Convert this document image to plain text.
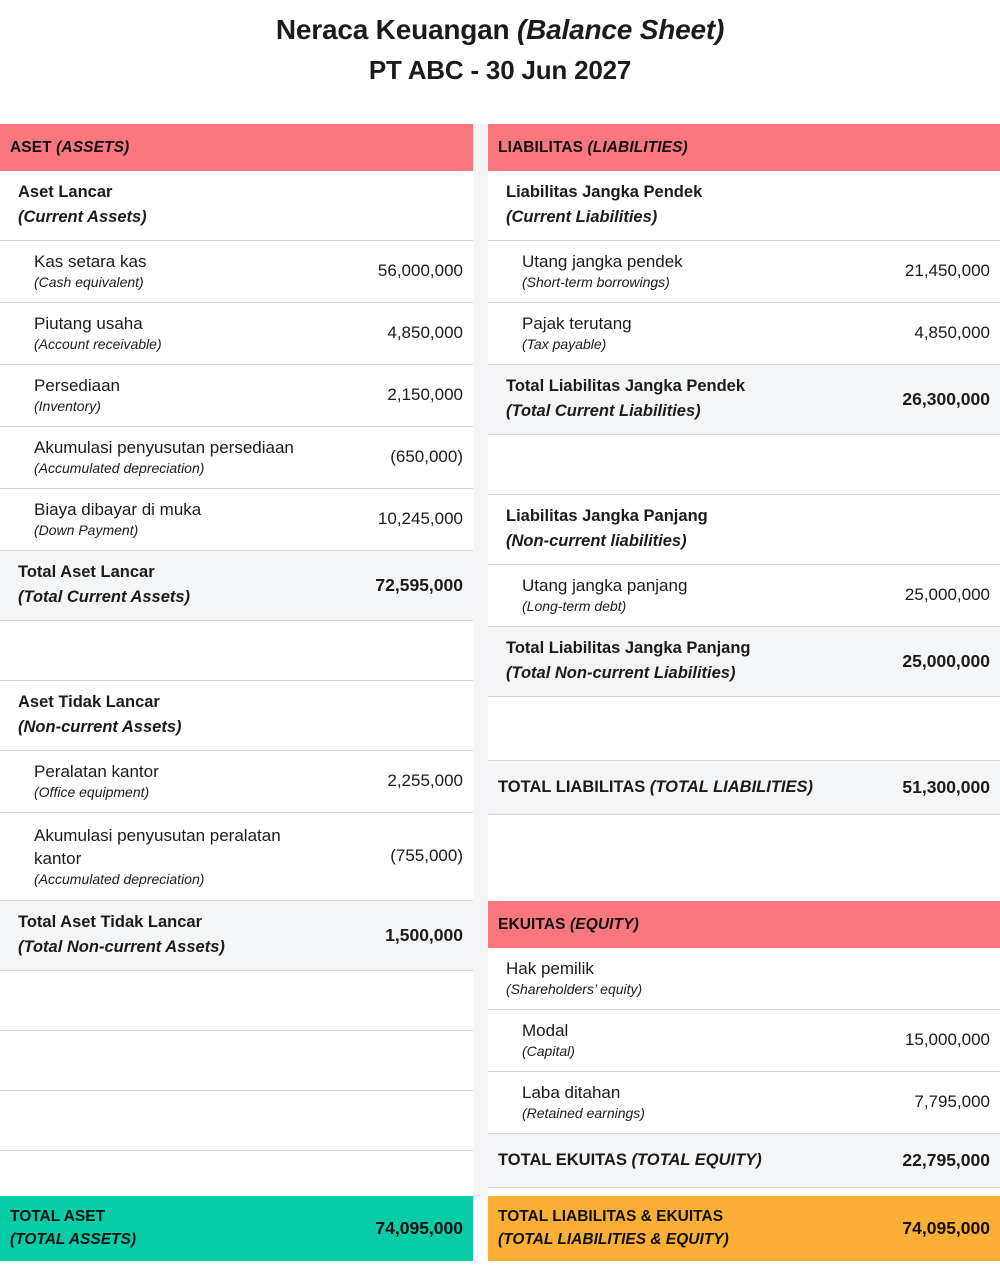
Neraca Keuangan (Balance Sheet)
PT ABC - 30 Jun 2027
ASET (ASSETS)
Aset Lancar
(Current Assets)
Kas setara kas
(Cash equivalent)
56,000,000
Piutang usaha
(Account receivable)
4,850,000
Persediaan
(Inventory)
2,150,000
Akumulasi penyusutan persediaan
(Accumulated depreciation)
(650,000)
Biaya dibayar di muka
(Down Payment)
10,245,000
Total Aset Lancar
(Total Current Assets)
72,595,000
Aset Tidak Lancar
(Non-current Assets)
Peralatan kantor
(Office equipment)
2,255,000
Akumulasi penyusutan peralatan kantor
(Accumulated depreciation)
(755,000)
Total Aset Tidak Lancar
(Total Non-current Assets)
1,500,000
LIABILITAS (LIABILITIES)
Liabilitas Jangka Pendek
(Current Liabilities)
Utang jangka pendek
(Short-term borrowings)
21,450,000
Pajak terutang
(Tax payable)
4,850,000
Total Liabilitas Jangka Pendek
(Total Current Liabilities)
26,300,000
Liabilitas Jangka Panjang
(Non-current liabilities)
Utang jangka panjang
(Long-term debt)
25,000,000
Total Liabilitas Jangka Panjang
(Total Non-current Liabilities)
25,000,000
TOTAL LIABILITAS (TOTAL LIABILITIES)	51,300,000
EKUITAS (EQUITY)
Hak pemilik
(Shareholders’ equity)
Modal
(Capital)
15,000,000
Laba ditahan
(Retained earnings)
7,795,000
TOTAL EKUITAS (TOTAL EQUITY)	22,795,000
TOTAL ASET
(TOTAL ASSETS)
74,095,000
TOTAL LIABILITAS & EKUITAS
(TOTAL LIABILITIES & EQUITY)
74,095,000
